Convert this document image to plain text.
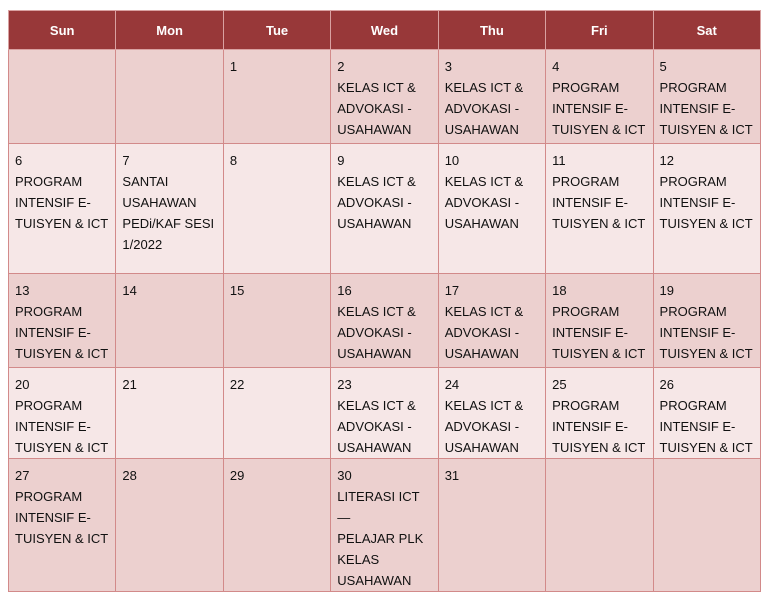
Sun	Mon	Tue	Wed	Thu	Fri	Sat

		1	2
KELAS ICT &
ADVOKASI -
USAHAWAN	3
KELAS ICT &
ADVOKASI -
USAHAWAN	4
PROGRAM
INTENSIF E-
TUISYEN & ICT	5
PROGRAM
INTENSIF E-
TUISYEN & ICT

6
PROGRAM
INTENSIF E-
TUISYEN & ICT	7
SANTAI
USAHAWAN
PEDi/KAF SESI
1/2022	8	9
KELAS ICT &
ADVOKASI -
USAHAWAN	10
KELAS ICT &
ADVOKASI -
USAHAWAN	11
PROGRAM
INTENSIF E-
TUISYEN & ICT	12
PROGRAM
INTENSIF E-
TUISYEN & ICT

13
PROGRAM
INTENSIF E-
TUISYEN & ICT	14	15	16
KELAS ICT &
ADVOKASI -
USAHAWAN	17
KELAS ICT &
ADVOKASI -
USAHAWAN	18
PROGRAM
INTENSIF E-
TUISYEN & ICT	19
PROGRAM
INTENSIF E-
TUISYEN & ICT

20
PROGRAM
INTENSIF E-
TUISYEN & ICT	21	22	23
KELAS ICT &
ADVOKASI -
USAHAWAN	24
KELAS ICT &
ADVOKASI -
USAHAWAN	25
PROGRAM
INTENSIF E-
TUISYEN & ICT	26
PROGRAM
INTENSIF E-
TUISYEN & ICT

27
PROGRAM
INTENSIF E-
TUISYEN & ICT	28	29	30
LITERASI ICT—
PELAJAR PLK
KELAS
USAHAWAN	31		
